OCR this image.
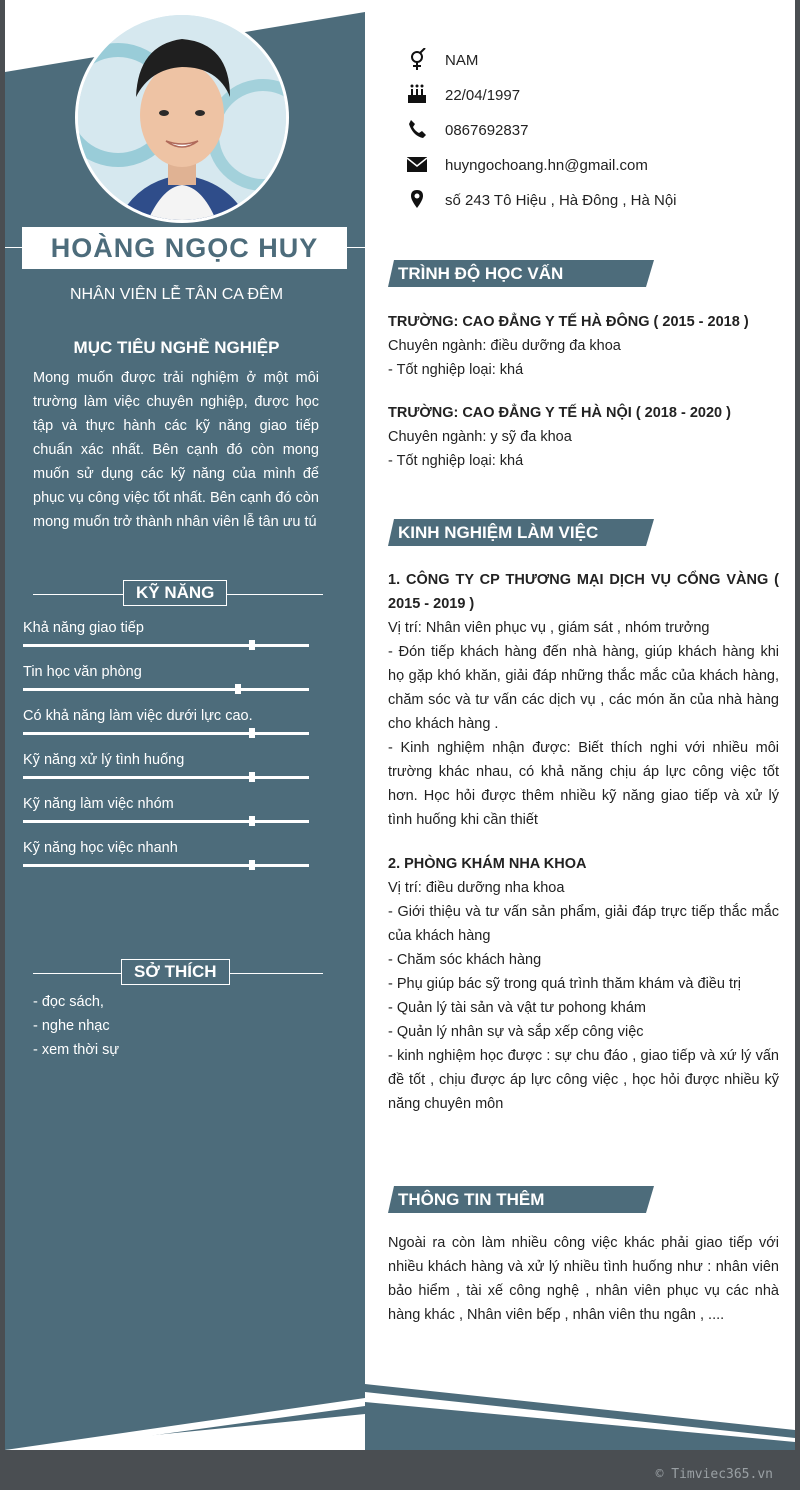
HOÀNG NGỌC HUY
NHÂN VIÊN LỄ TÂN CA ĐÊM
MỤC TIÊU NGHỀ NGHIỆP
Mong muốn được trải nghiệm ở một môi trường làm việc chuyên nghiệp, được học tập và thực hành các kỹ năng giao tiếp chuẩn xác nhất. Bên cạnh đó còn mong muốn sử dụng các kỹ năng của mình để phục vụ công việc tốt nhất. Bên cạnh đó còn mong muốn trở thành nhân viên lễ tân ưu tú
KỸ NĂNG
Khả năng giao tiếp
Tin học văn phòng
Có khả năng làm việc dưới lực cao.
Kỹ năng xử lý tình huống
Kỹ năng làm việc nhóm
Kỹ năng học việc nhanh
SỞ THÍCH
- đọc sách,
- nghe nhạc
- xem thời sự
NAM
22/04/1997
0867692837
huyngochoang.hn@gmail.com
số 243 Tô Hiệu , Hà Đông , Hà Nội
TRÌNH ĐỘ HỌC VẤN
TRƯỜNG: CAO ĐẲNG Y TẾ HÀ ĐÔNG ( 2015 - 2018 )
Chuyên ngành: điều dưỡng đa khoa
- Tốt nghiệp loại: khá
TRƯỜNG: CAO ĐẲNG Y TẾ HÀ NỘI ( 2018 - 2020 )
Chuyên ngành: y sỹ đa khoa
- Tốt nghiệp loại: khá
KINH NGHIỆM LÀM VIỆC
1. CÔNG TY CP THƯƠNG MẠI DỊCH VỤ CỔNG VÀNG ( 2015 - 2019 )
Vị trí: Nhân viên phục vụ , giám sát , nhóm trưởng
- Đón tiếp khách hàng đến nhà hàng, giúp khách hàng khi họ gặp khó khăn, giải đáp những thắc mắc của khách hàng, chăm sóc và tư vấn các dịch vụ , các món ăn của nhà hàng cho khách hàng .
- Kinh nghiệm nhận được: Biết thích nghi với nhiều môi trường khác nhau, có khả năng chịu áp lực công việc tốt hơn. Học hỏi được thêm nhiều kỹ năng giao tiếp và xử lý tình huống khi cần thiết
2. PHÒNG KHÁM NHA KHOA
Vị trí: điều dưỡng nha khoa
- Giới thiệu và tư vấn sản phẩm, giải đáp trực tiếp thắc mắc của khách hàng
- Chăm sóc khách hàng
- Phụ giúp bác sỹ trong quá trình thăm khám và điều trị
- Quản lý tài sản và vật tư pohong khám
- Quản lý nhân sự và sắp xếp công việc
- kinh nghiệm học được : sự chu đáo , giao tiếp và xứ lý vấn đề tốt , chịu được áp lực công việc , học hỏi được nhiều kỹ năng chuyên môn
THÔNG TIN THÊM
Ngoài ra còn làm nhiều công việc khác phải giao tiếp với nhiều khách hàng và xử lý nhiều tình huống như : nhân viên bảo hiểm , tài xế công nghệ , nhân viên phục vụ các nhà hàng khác , Nhân viên bếp , nhân viên thu ngân , ....
© Timviec365.vn
